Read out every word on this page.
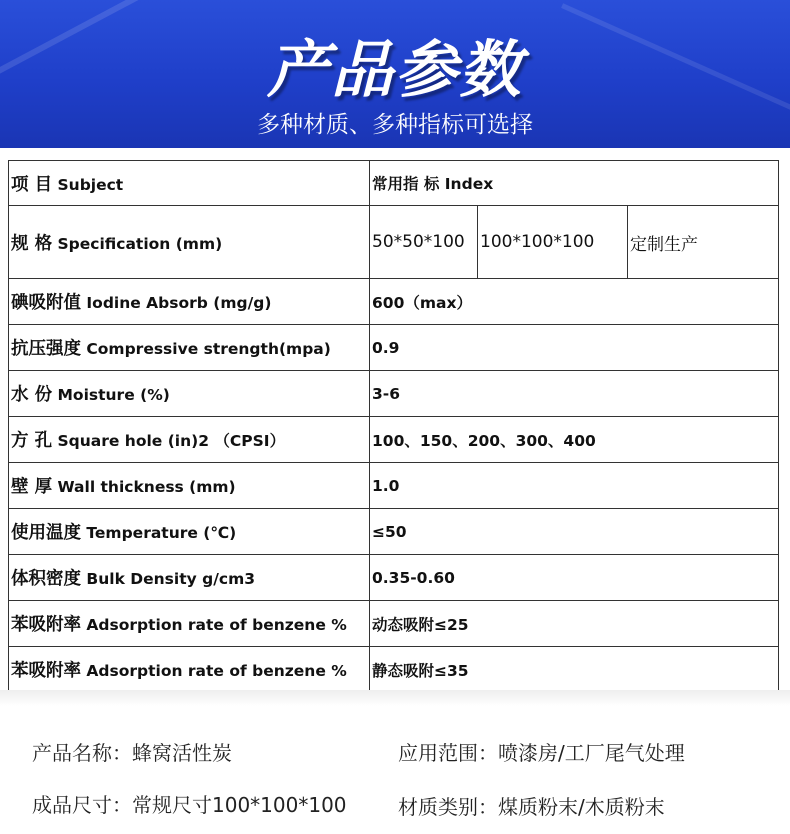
产品参数
多种材质、多种指标可选择
项 目 Subject	常用指 标 Index		
规 格 Specification (mm)	50*50*100	100*100*100	定制生产
碘吸附值 Iodine Absorb (mg/g)	600（max）		
抗压强度 Compressive strength(mpa)	0.9		
水 份 Moisture (%)	3-6		
方 孔 Square hole (in)2 （CPSI）	100、150、200、300、400		
壁 厚 Wall thickness (mm)	1.0		
使用温度 Temperature (℃)	≤50		
体积密度 Bulk Density g/cm3	0.35-0.60		
苯吸附率 Adsorption rate of benzene %	动态吸附≤25		
苯吸附率 Adsorption rate of benzene %	静态吸附≤35		
产品名称：蜂窝活性炭	应用范围：喷漆房/工厂尾气处理
成品尺寸：常规尺寸100*100*100	材质类别：煤质粉末/木质粉末
